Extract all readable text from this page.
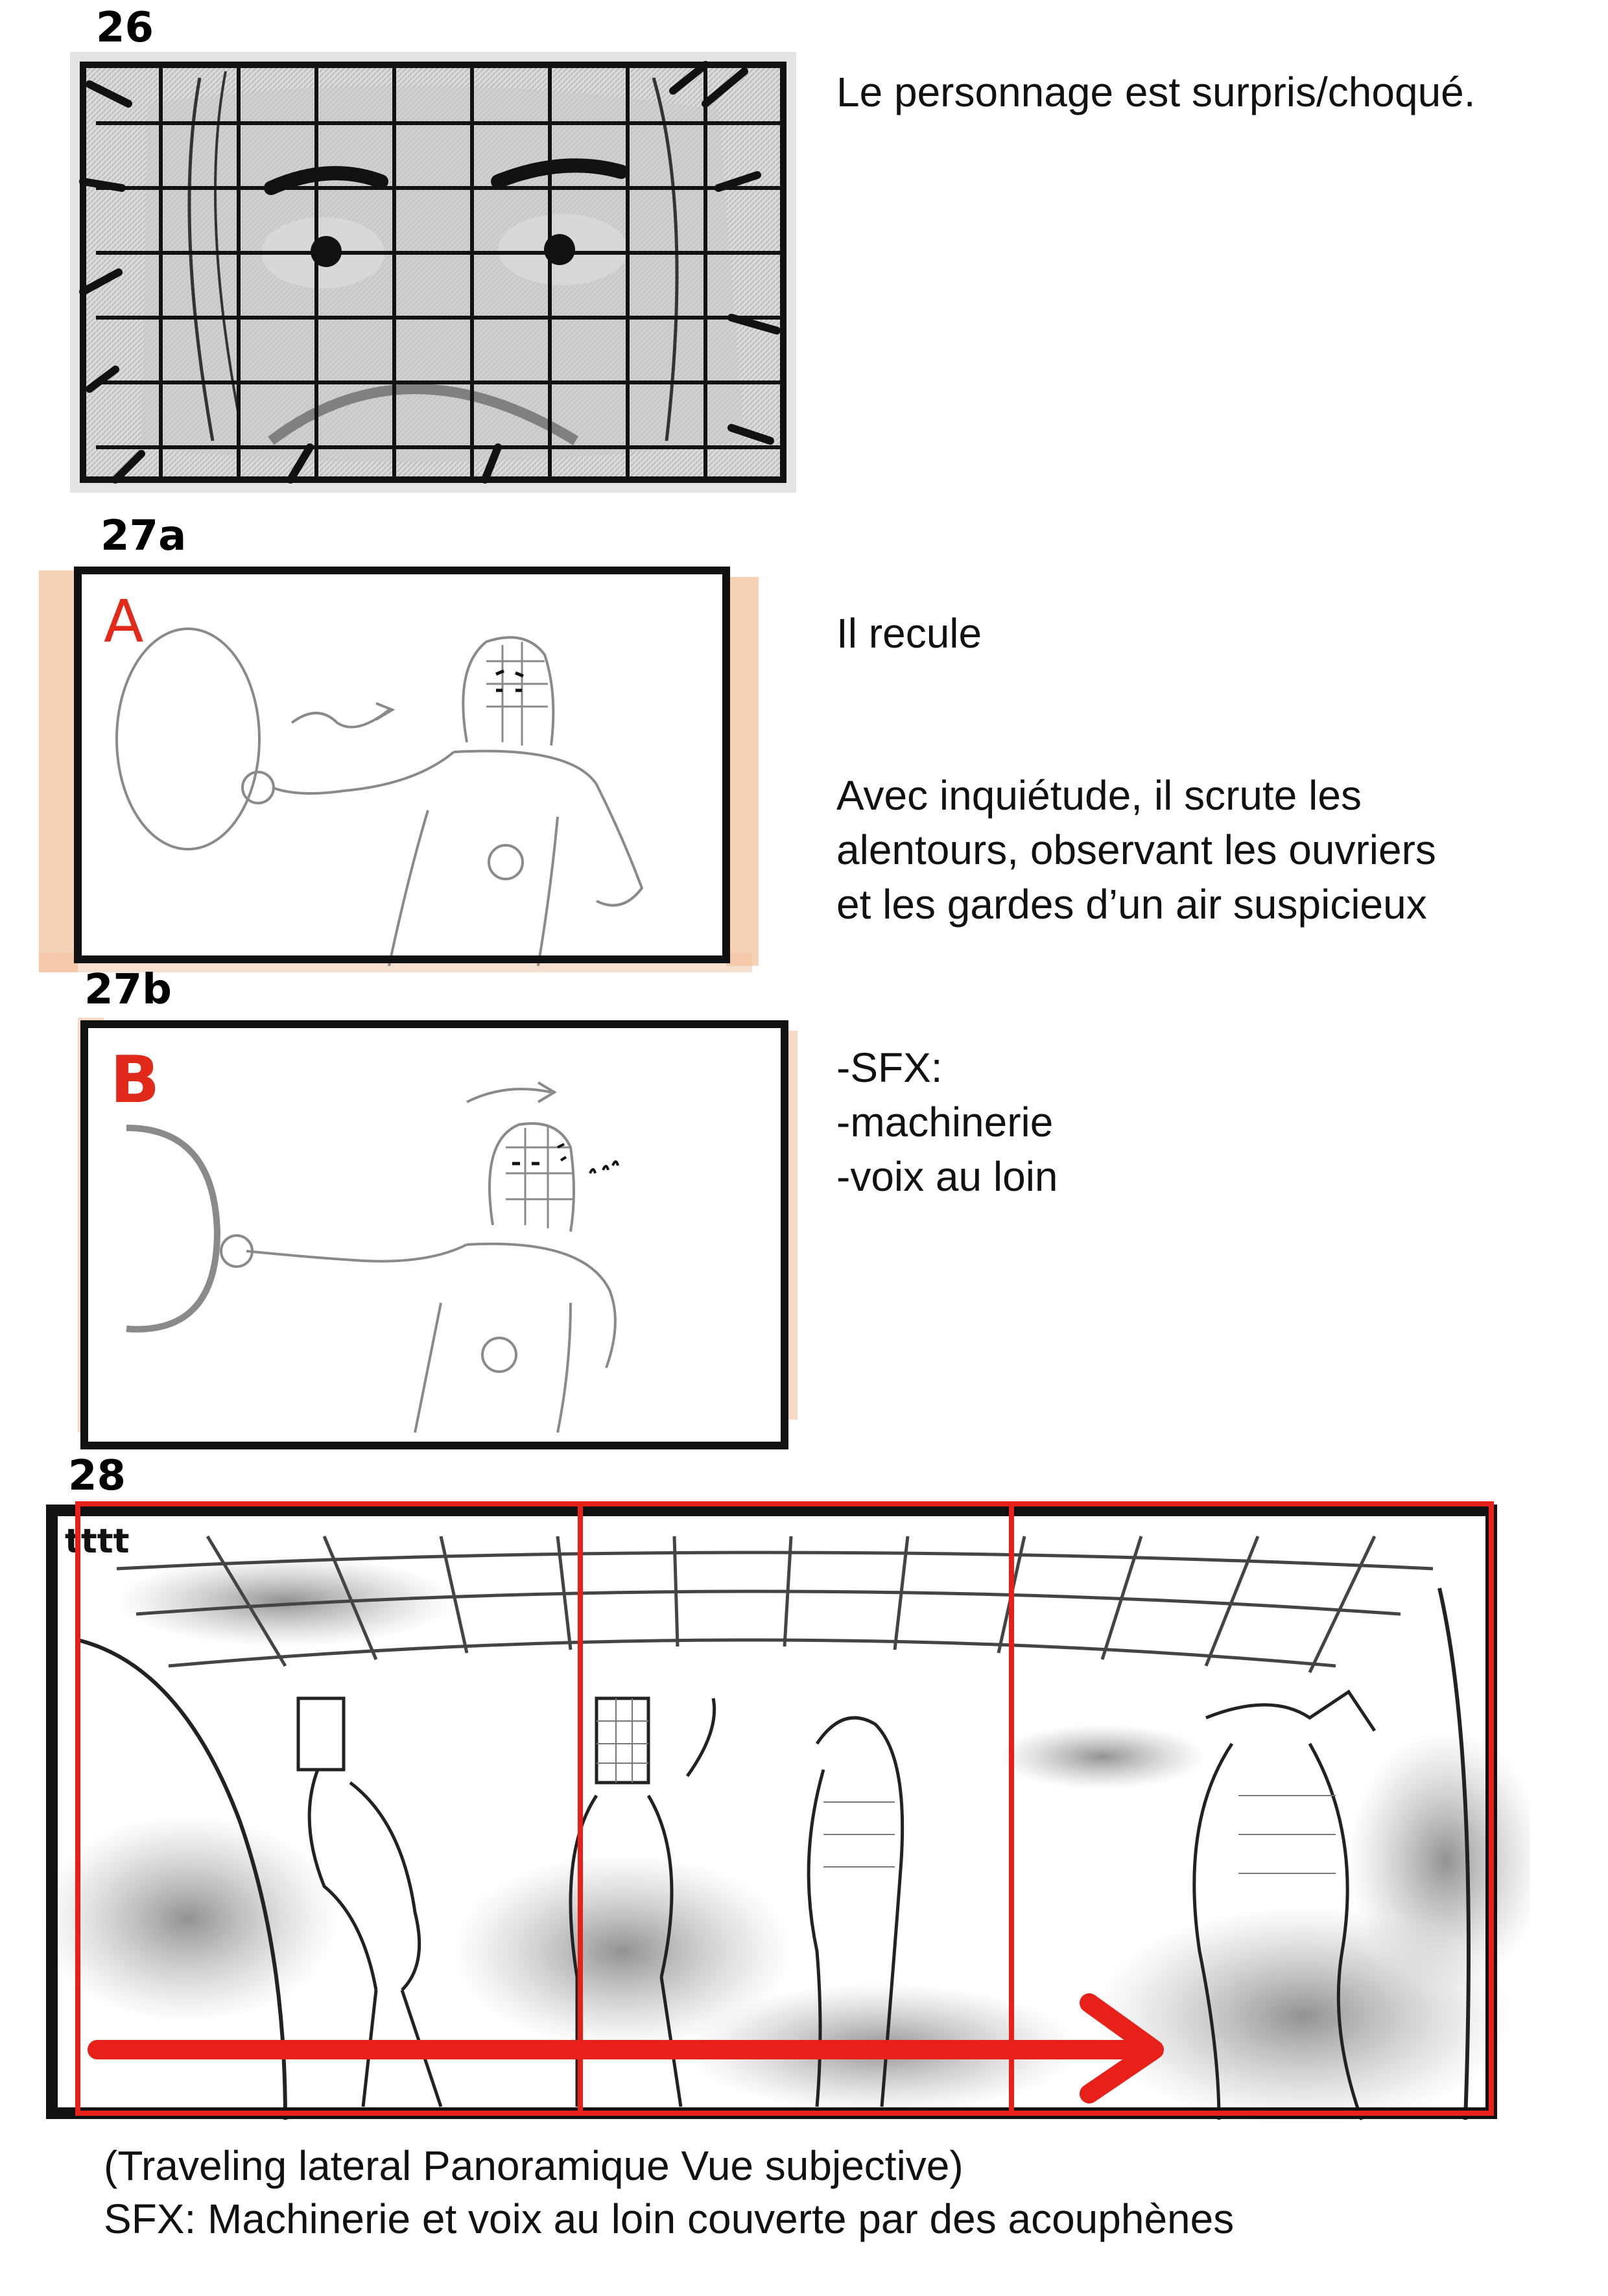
26
Le personnage est surpris/choqué.
27a
A	Il recule
Avec inquiétude, il scrute les
alentours, observant les ouvriers
et les gardes d’un air suspicieux
27b
B	-SFX:
-machinerie
-voix au loin
28
tttt
(Traveling lateral Panoramique Vue subjective)
SFX: Machinerie et voix au loin couverte par des acouphènes
